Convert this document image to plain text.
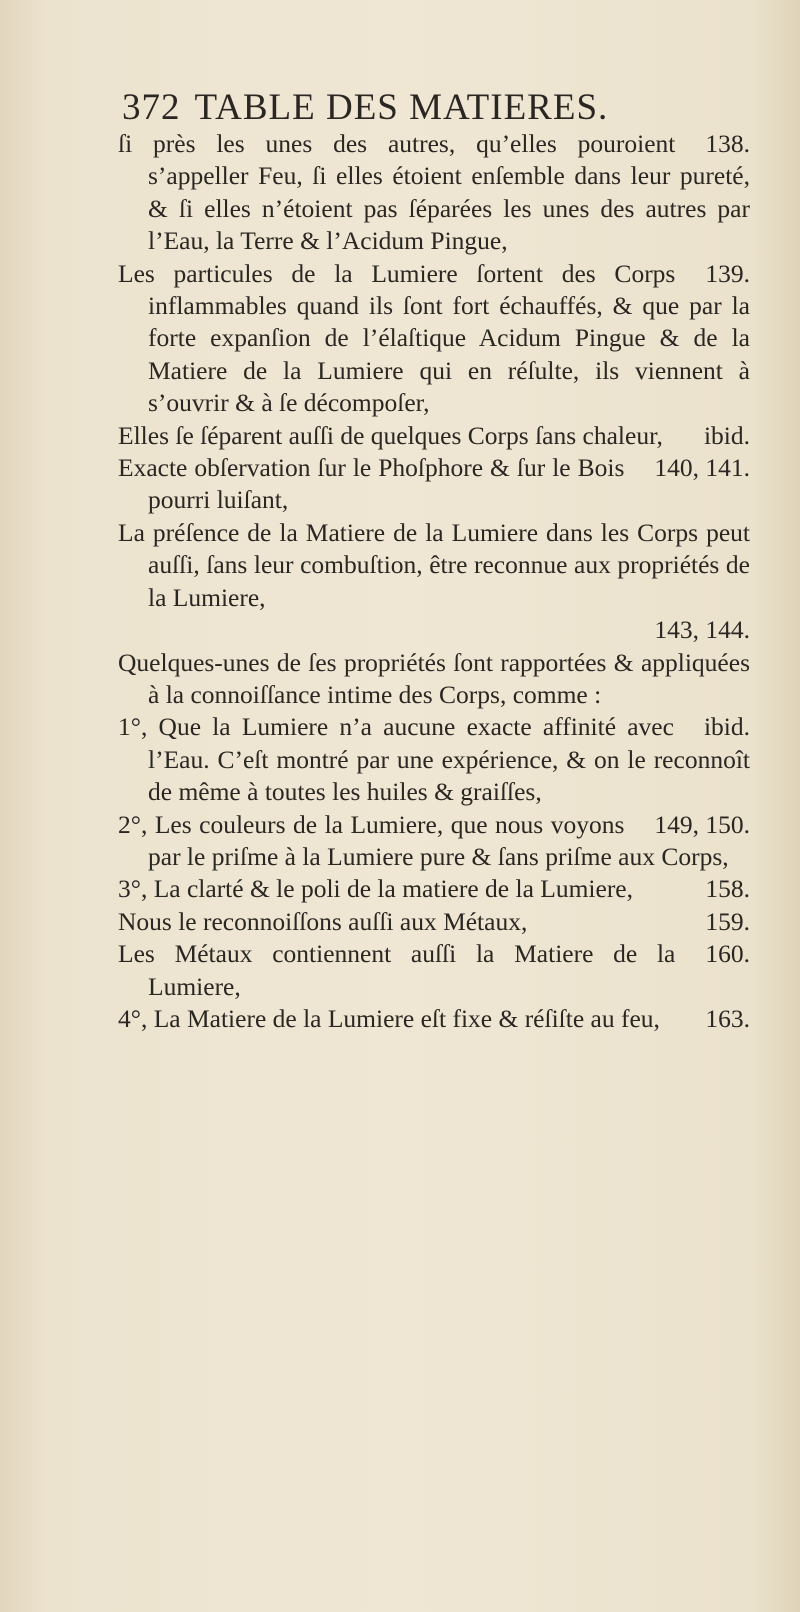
372 TABLE DES MATIERES.
138.
ſi près les unes des autres, qu’elles pouroient s’appeller Feu, ſi elles étoient enſemble dans leur pureté, & ſi elles n’étoient pas ſéparées les unes des autres par l’Eau, la Terre & l’Acidum Pingue,
139.
Les particules de la Lumiere ſortent des Corps inflammables quand ils ſont fort échauffés, & que par la forte expanſion de l’élaſtique Acidum Pingue & de la Matiere de la Lumiere qui en réſulte, ils viennent à s’ouvrir & à ſe décompoſer,
ibid.
Elles ſe ſéparent auſſi de quelques Corps ſans chaleur,
140, 141.
Exacte obſervation ſur le Phoſphore & ſur le Bois pourri luiſant,
La préſence de la Matiere de la Lumiere dans les Corps peut auſſi, ſans leur combuſtion, être reconnue aux propriétés de la Lumiere,
143, 144.
Quelques-unes de ſes propriétés ſont rapportées & appliquées à la connoiſſance intime des Corps, comme :
ibid.
1°, Que la Lumiere n’a aucune exacte affinité avec l’Eau. C’eſt montré par une expérience, & on le reconnoît de même à toutes les huiles & graiſſes,
149, 150.
2°, Les couleurs de la Lumiere, que nous voyons par le priſme à la Lumiere pure & ſans priſme aux Corps,
158.
3°, La clarté & le poli de la matiere de la Lumiere,
159.
Nous le reconnoiſſons auſſi aux Métaux,
160.
Les Métaux contiennent auſſi la Matiere de la Lumiere,
163.
4°, La Matiere de la Lumiere eſt fixe & réſiſte au feu,
